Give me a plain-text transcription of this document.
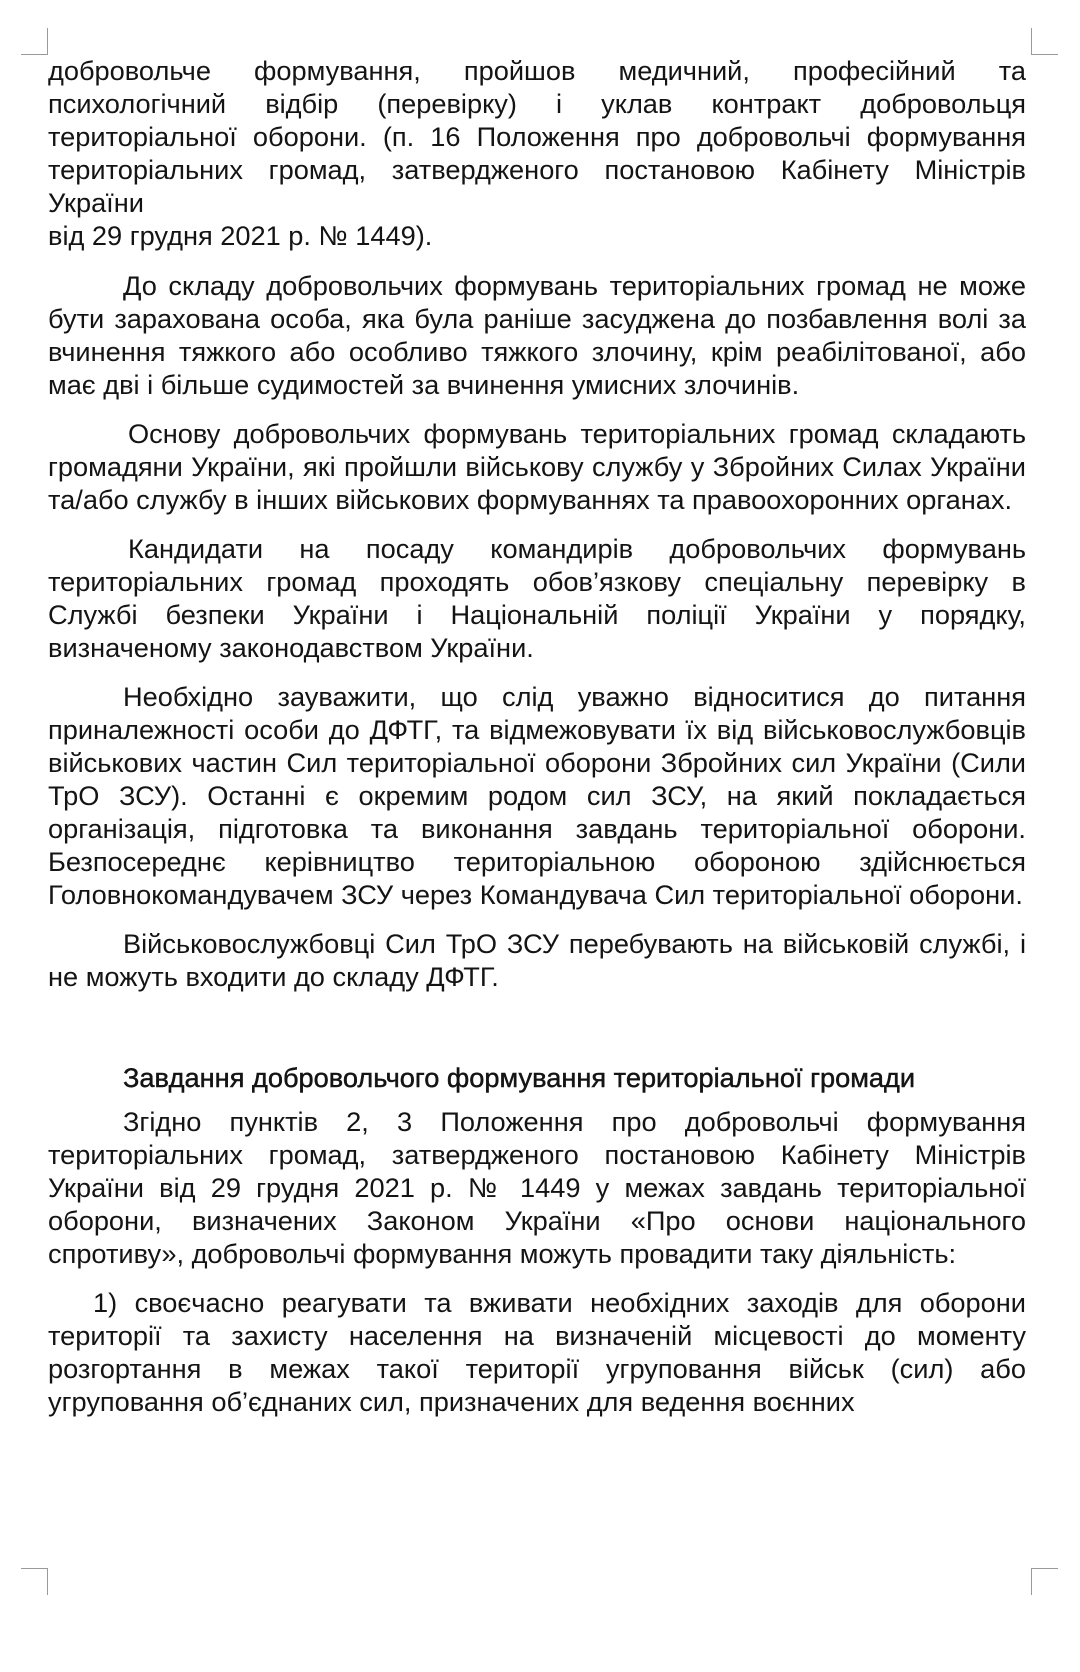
добровольче формування, пройшов медичний, професійний та психологічний відбір (перевірку) і уклав контракт добровольця територіальної оборони. (п. 16 Положення про добровольчі формування територіальних громад, затвердженого постановою Кабінету Міністрів України
від 29 грудня 2021 р. № 1449).

До складу добровольчих формувань територіальних громад не може бути зарахована особа, яка була раніше засуджена до позбавлення волі за вчинення тяжкого або особливо тяжкого злочину, крім реабілітованої, або має дві і більше судимостей за вчинення умисних злочинів.

Основу добровольчих формувань територіальних громад складають громадяни України, які пройшли військову службу у Збройних Силах України та/або службу в інших військових формуваннях та правоохоронних органах.

Кандидати на посаду командирів добровольчих формувань територіальних громад проходять обов’язкову спеціальну перевірку в Службі безпеки України і Національній поліції України у порядку, визначеному законодавством України.

Необхідно зауважити, що слід уважно відноситися до питання приналежності особи до ДФТГ, та відмежовувати їх від військовослужбовців військових частин Сил територіальної оборони Збройних сил України (Сили ТрО ЗСУ). Останні є окремим родом сил ЗСУ, на який покладається організація, підготовка та виконання завдань територіальної оборони. Безпосереднє керівництво територіальною обороною здійснюється Головнокомандувачем ЗСУ через Командувача Сил територіальної оборони.

Військовослужбовці Сил ТрО ЗСУ перебувають на військовій службі, і не можуть входити до складу ДФТГ.

Завдання добровольчого формування територіальної громади

Згідно пунктів 2, 3 Положення про добровольчі формування територіальних громад, затвердженого постановою Кабінету Міністрів України від 29 грудня 2021 р. № 1449 у межах завдань територіальної оборони, визначених Законом України «Про основи національного спротиву», добровольчі формування можуть провадити таку діяльність:

1) своєчасно реагувати та вживати необхідних заходів для оборони території та захисту населення на визначеній місцевості до моменту розгортання в межах такої території угруповання військ (сил) або угруповання об’єднаних сил, призначених для ведення воєнних
